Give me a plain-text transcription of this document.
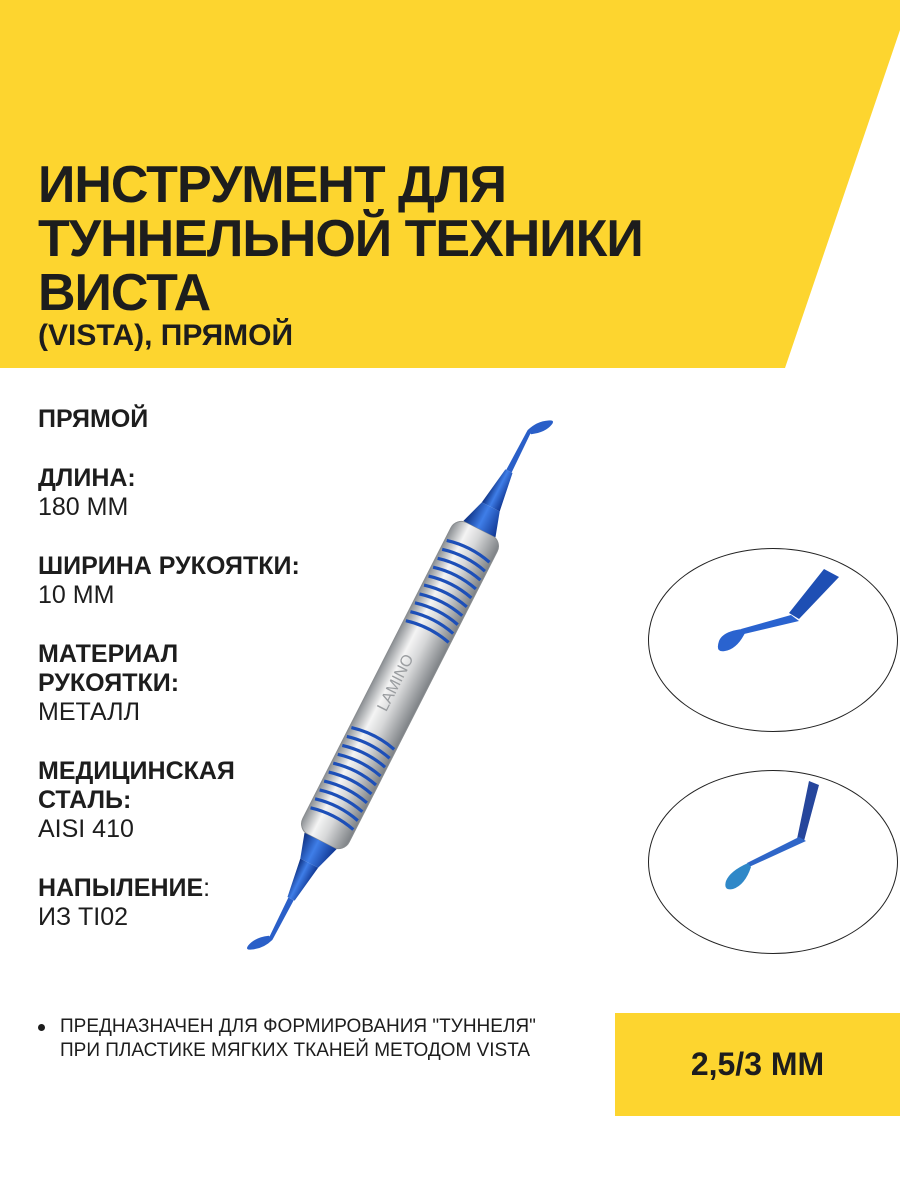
ИНСТРУМЕНТ ДЛЯ
ТУННЕЛЬНОЙ ТЕХНИКИ
ВИСТА
(VISTA), ПРЯМОЙ
ПРЯМОЙ
ДЛИНА:
180 ММ
ШИРИНА РУКОЯТКИ:
10 ММ
МАТЕРИАЛ
РУКОЯТКИ:
МЕТАЛЛ
МЕДИЦИНСКАЯ
СТАЛЬ:
AISI 410
НАПЫЛЕНИЕ:
ИЗ TI02
LAMINO
ПРЕДНАЗНАЧЕН ДЛЯ ФОРМИРОВАНИЯ "ТУННЕЛЯ" ПРИ ПЛАСТИКЕ МЯГКИХ ТКАНЕЙ МЕТОДОМ VISTA	2,5/3 ММ
